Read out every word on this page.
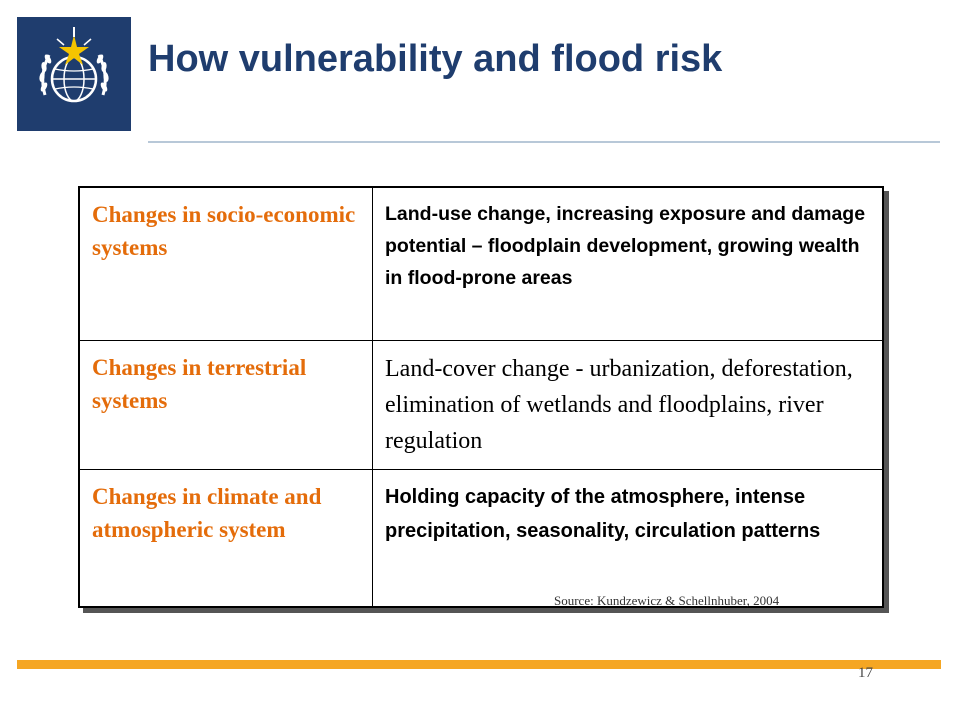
How vulnerability and flood risk
Changes in socio-economic systems	Land-use change, increasing exposure and damage potential – floodplain development, growing wealth in flood-prone areas
Changes in terrestrial systems	Land-cover change - urbanization, deforestation, elimination of wetlands and floodplains, river regulation
Changes in climate and atmospheric system	Holding capacity of the atmosphere, intense precipitation, seasonality, circulation patterns
Source: Kundzewicz & Schellnhuber, 2004
17
